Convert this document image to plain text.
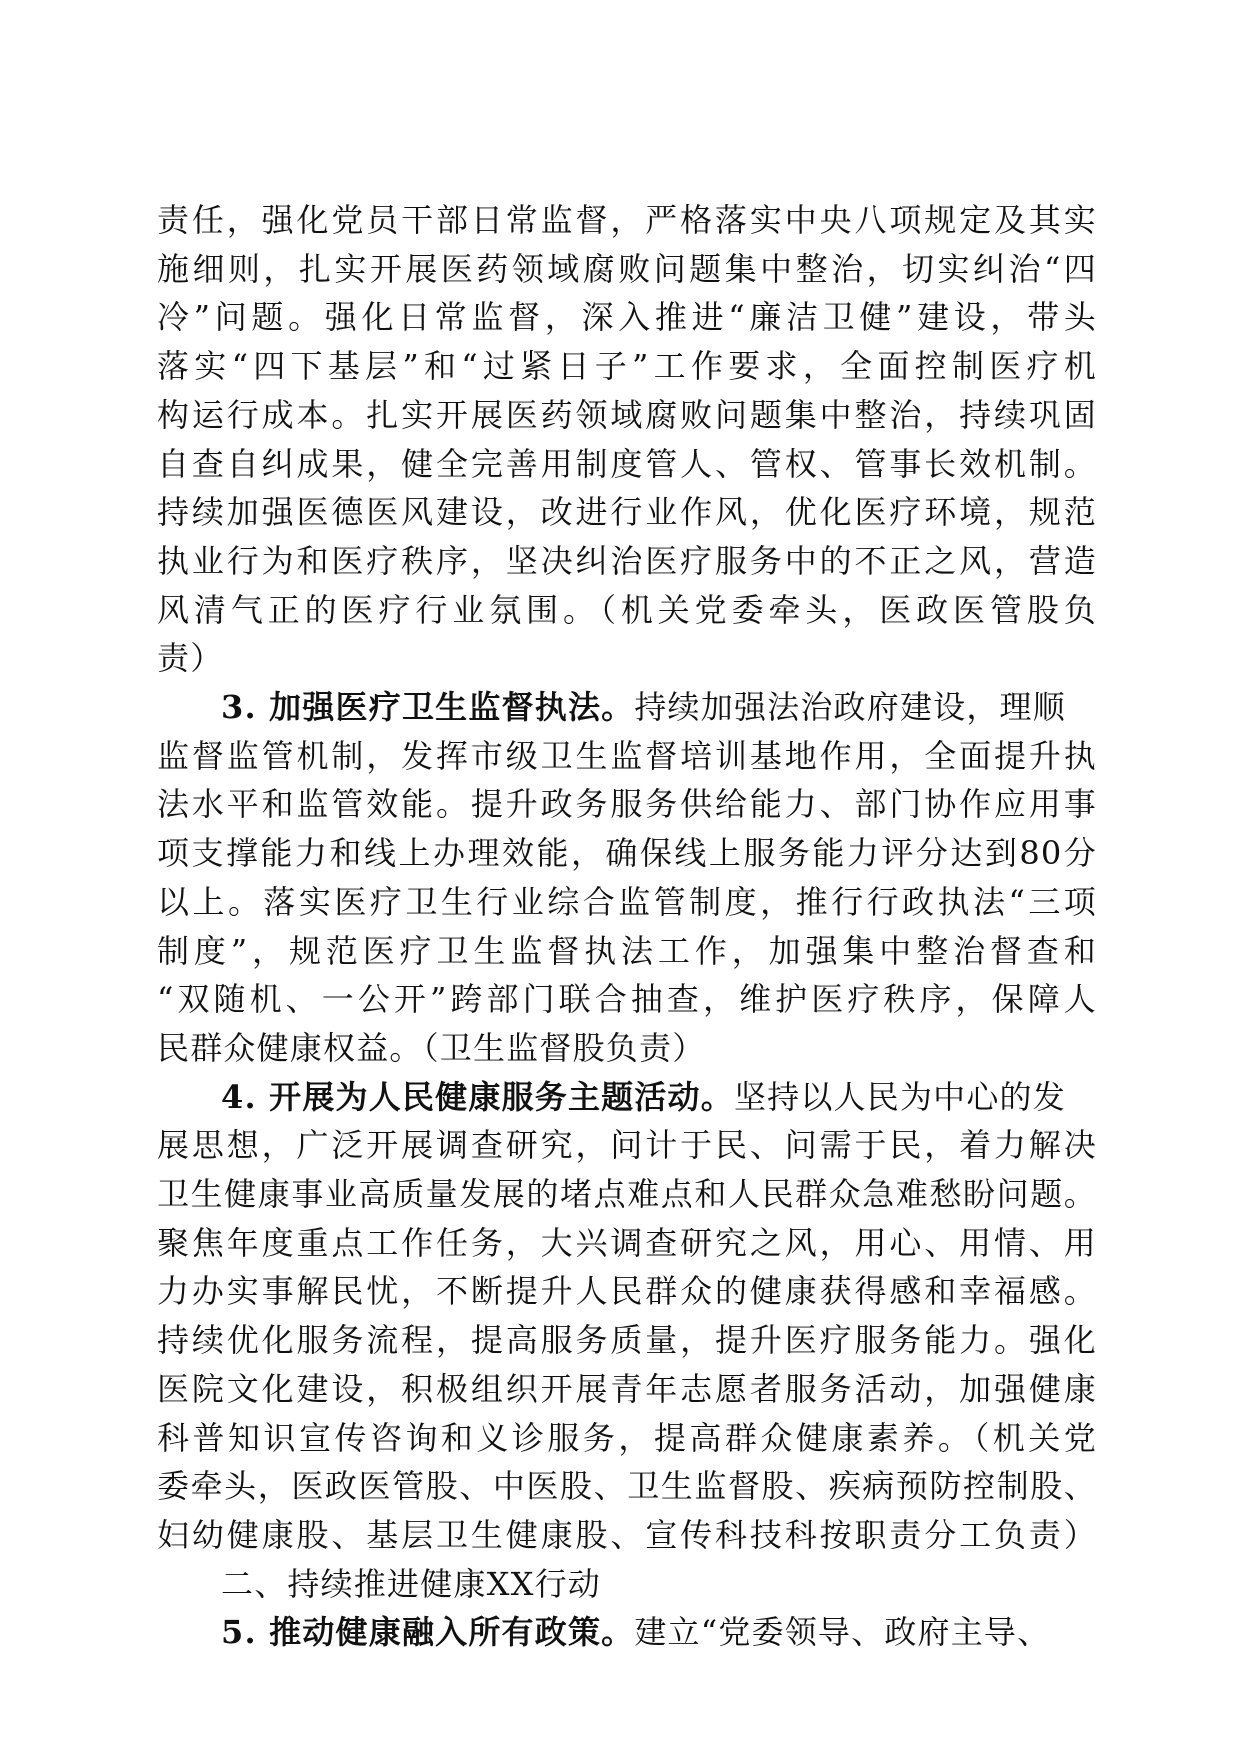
责任，强化党员干部日常监督，严格落实中央八项规定及其实
施细则，扎实开展医药领域腐败问题集中整治，切实纠治“四
冷”问题。强化日常监督，深入推进“廉洁卫健”建设，带头
落实“四下基层”和“过紧日子”工作要求，全面控制医疗机
构运行成本。扎实开展医药领域腐败问题集中整治，持续巩固
自查自纠成果，健全完善用制度管人、管权、管事长效机制。
持续加强医德医风建设，改进行业作风，优化医疗环境，规范
执业行为和医疗秩序，坚决纠治医疗服务中的不正之风，营造
风清气正的医疗行业氛围。（机关党委牵头，医政医管股负
责）
3. 加强医疗卫生监督执法。持续加强法治政府建设，理顺
监督监管机制，发挥市级卫生监督培训基地作用，全面提升执
法水平和监管效能。提升政务服务供给能力、部门协作应用事
项支撑能力和线上办理效能，确保线上服务能力评分达到80分
以上。落实医疗卫生行业综合监管制度，推行行政执法“三项
制度”，规范医疗卫生监督执法工作，加强集中整治督查和
“双随机、一公开”跨部门联合抽查，维护医疗秩序，保障人
民群众健康权益。（卫生监督股负责）
4. 开展为人民健康服务主题活动。坚持以人民为中心的发
展思想，广泛开展调查研究，问计于民、问需于民，着力解决
卫生健康事业高质量发展的堵点难点和人民群众急难愁盼问题。
聚焦年度重点工作任务，大兴调查研究之风，用心、用情、用
力办实事解民忧，不断提升人民群众的健康获得感和幸福感。
持续优化服务流程，提高服务质量，提升医疗服务能力。强化
医院文化建设，积极组织开展青年志愿者服务活动，加强健康
科普知识宣传咨询和义诊服务，提高群众健康素养。（机关党
委牵头，医政医管股、中医股、卫生监督股、疾病预防控制股、
妇幼健康股、基层卫生健康股、宣传科技科按职责分工负责）
二、持续推进健康XX行动
5. 推动健康融入所有政策。建立“党委领导、政府主导、
